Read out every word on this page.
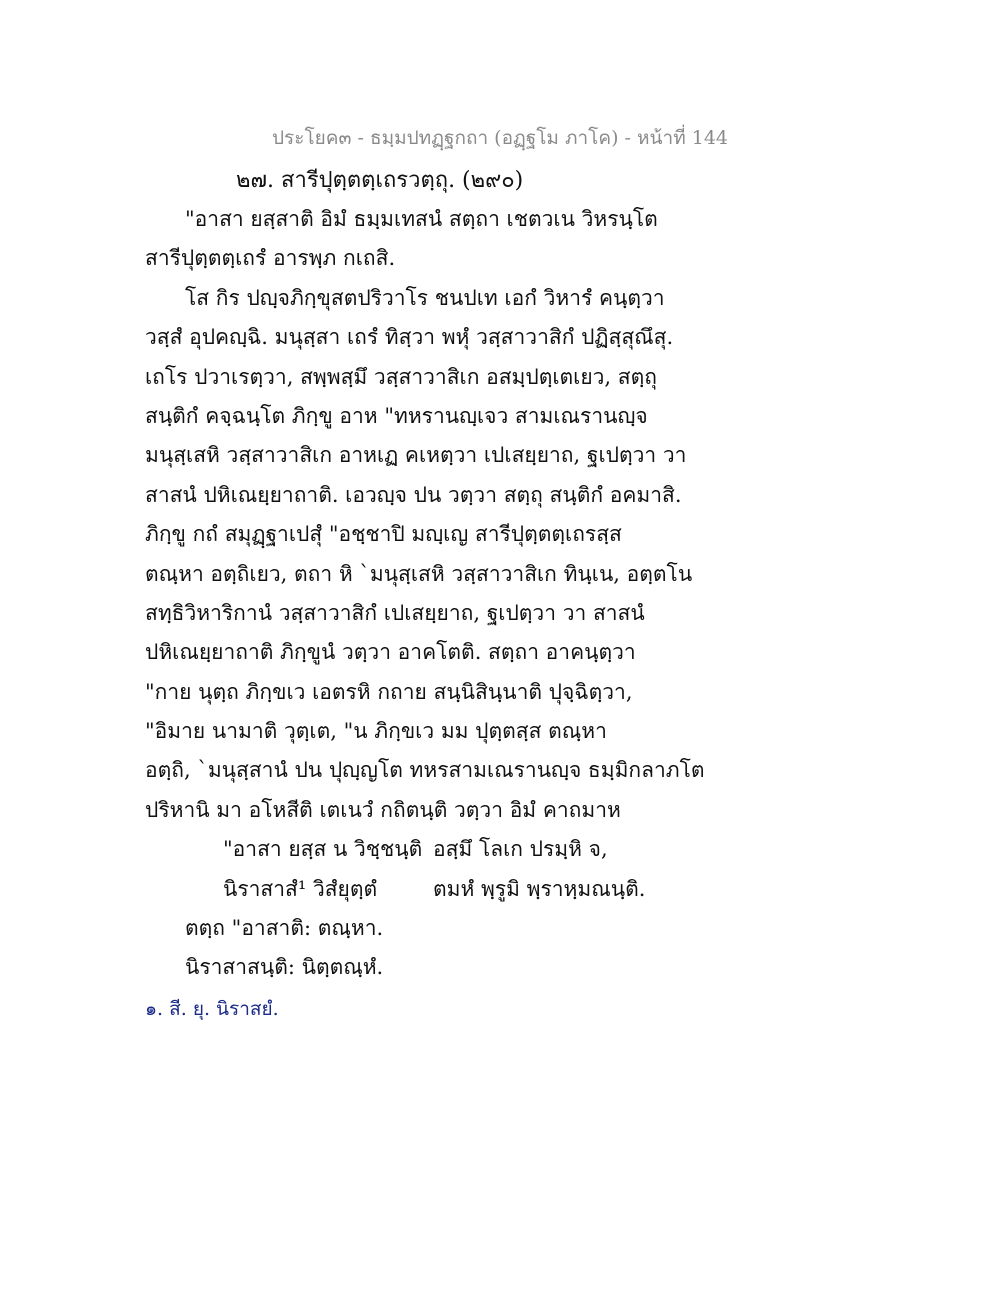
ประโยค๓ - ธมฺมปทฏฺฐกถา (อฏฺฐโม ภาโค) - หน้าที่ 144
๒๗. สารีปุตฺตตฺเถรวตฺถุ. (๒๙๐)
"อาสา ยสฺสาติ อิมํ ธมฺมเทสนํ สตฺถา เชตวเน วิหรนฺโต
สารีปุตฺตตฺเถรํ อารพฺภ กเถสิ.
โส กิร ปญฺจภิกฺขุสตปริวาโร ชนปเท เอกํ วิหารํ คนฺตฺวา
วสฺสํ อุปคญฺฉิ. มนุสฺสา เถรํ ทิสฺวา พหุํ วสฺสาวาสิกํ ปฏิสฺสุณึสุ.
เถโร ปวาเรตฺวา, สพฺพสฺมึ วสฺสาวาสิเก อสมฺปตฺเตเยว, สตฺถุ
สนฺติกํ คจฺฉนฺโต ภิกฺขู อาห "ทหรานญฺเจว สามเณรานญฺจ
มนุสฺเสหิ วสฺสาวาสิเก อาหเฏ คเหตฺวา เปเสยฺยาถ, ฐเปตฺวา วา
สาสนํ ปหิเณยฺยาถาติ. เอวญฺจ ปน วตฺวา สตฺถุ สนฺติกํ อคมาสิ.
ภิกฺขู กถํ สมุฏฺฐาเปสุํ "อชฺชาปิ มญฺเญ สารีปุตฺตตฺเถรสฺส
ตณฺหา อตฺถิเยว, ตถา หิ `มนุสฺเสหิ วสฺสาวาสิเก ทินฺเน, อตฺตโน
สทฺธิวิหาริกานํ วสฺสาวาสิกํ เปเสยฺยาถ, ฐเปตฺวา วา สาสนํ
ปหิเณยฺยาถาติ ภิกฺขูนํ วตฺวา อาคโตติ. สตฺถา อาคนฺตฺวา
"กาย นุตฺถ ภิกฺขเว เอตรหิ กถาย สนฺนิสินฺนาติ ปุจฺฉิตฺวา,
"อิมาย นามาติ วุตฺเต, "น ภิกฺขเว มม ปุตฺตสฺส ตณฺหา
อตฺถิ, `มนุสฺสานํ ปน ปุญฺญโต ทหรสามเณรานญฺจ ธมฺมิกลาภโต
ปริหานิ มา อโหสีติ เตเนวํ กถิตนฺติ วตฺวา อิมํ คาถมาห
"อาสา ยสฺส น วิชฺชนฺติ อสฺมึ โลเก ปรมฺหิ จ,
นิราสาสํ¹ วิสํยุตฺตํ	ตมหํ พฺรูมิ พฺราหฺมณนฺติ.
ตตฺถ "อาสาติ: ตณฺหา.
นิราสาสนฺติ: นิตฺตณฺหํ.
๑. สี. ยุ. นิราสยํ.
